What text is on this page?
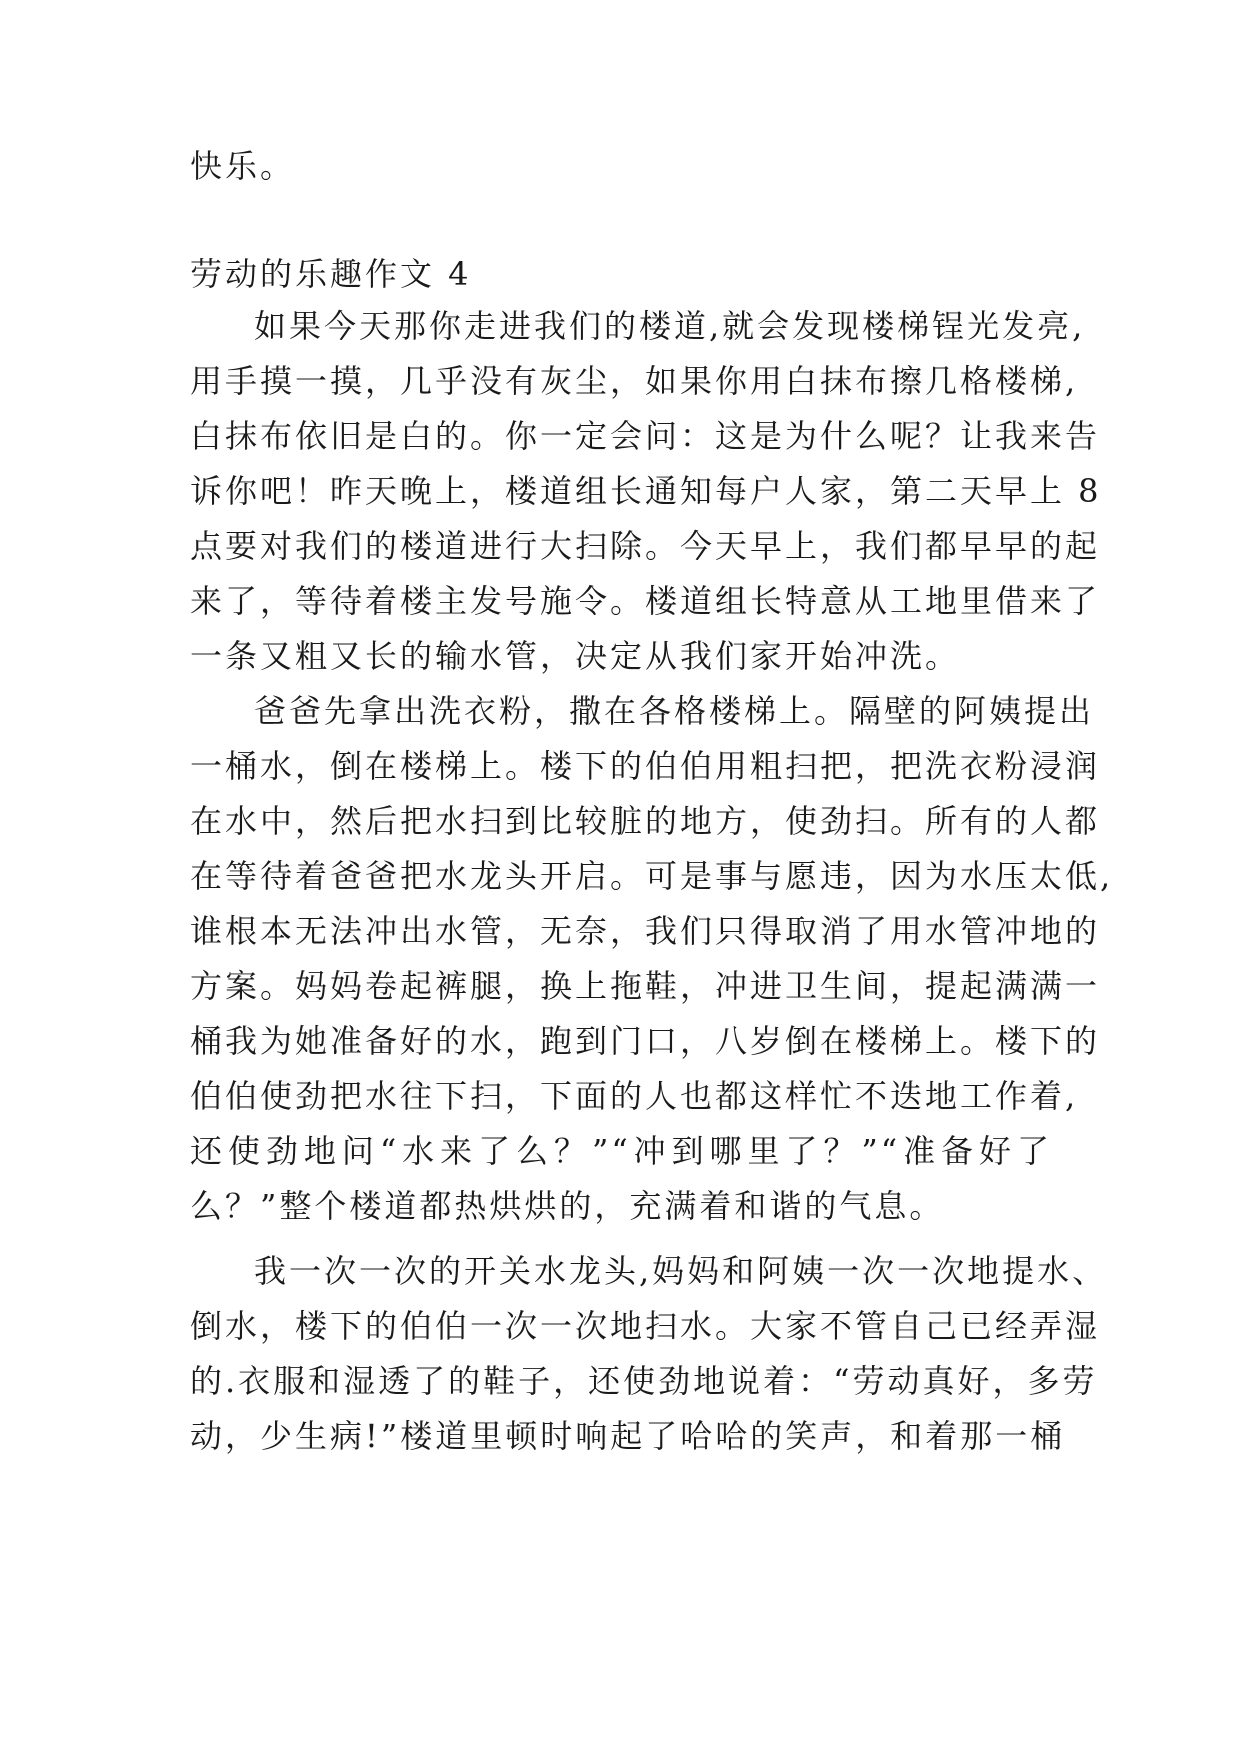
快乐。
劳动的乐趣作文 4
如果今天那你走进我们的楼道,就会发现楼梯锃光发亮,
用手摸一摸，几乎没有灰尘，如果你用白抹布擦几格楼梯,
白抹布依旧是白的。你一定会问：这是为什么呢？让我来告
诉你吧！昨天晚上，楼道组长通知每户人家，第二天早上 8
点要对我们的楼道进行大扫除。今天早上，我们都早早的起
来了，等待着楼主发号施令。楼道组长特意从工地里借来了
一条又粗又长的输水管，决定从我们家开始冲洗。
爸爸先拿出洗衣粉，撒在各格楼梯上。隔壁的阿姨提出
一桶水，倒在楼梯上。楼下的伯伯用粗扫把，把洗衣粉浸润
在水中，然后把水扫到比较脏的地方，使劲扫。所有的人都
在等待着爸爸把水龙头开启。可是事与愿违，因为水压太低,
谁根本无法冲出水管，无奈，我们只得取消了用水管冲地的
方案。妈妈卷起裤腿，换上拖鞋，冲进卫生间，提起满满一
桶我为她准备好的水，跑到门口，八岁倒在楼梯上。楼下的
伯伯使劲把水往下扫，下面的人也都这样忙不迭地工作着,
还使劲地问“水来了么？”“冲到哪里了？”“准备好了
么？”整个楼道都热烘烘的，充满着和谐的气息。
我一次一次的开关水龙头,妈妈和阿姨一次一次地提水、
倒水，楼下的伯伯一次一次地扫水。大家不管自己已经弄湿
的.衣服和湿透了的鞋子，还使劲地说着：“劳动真好，多劳
动，少生病!”楼道里顿时响起了哈哈的笑声，和着那一桶
